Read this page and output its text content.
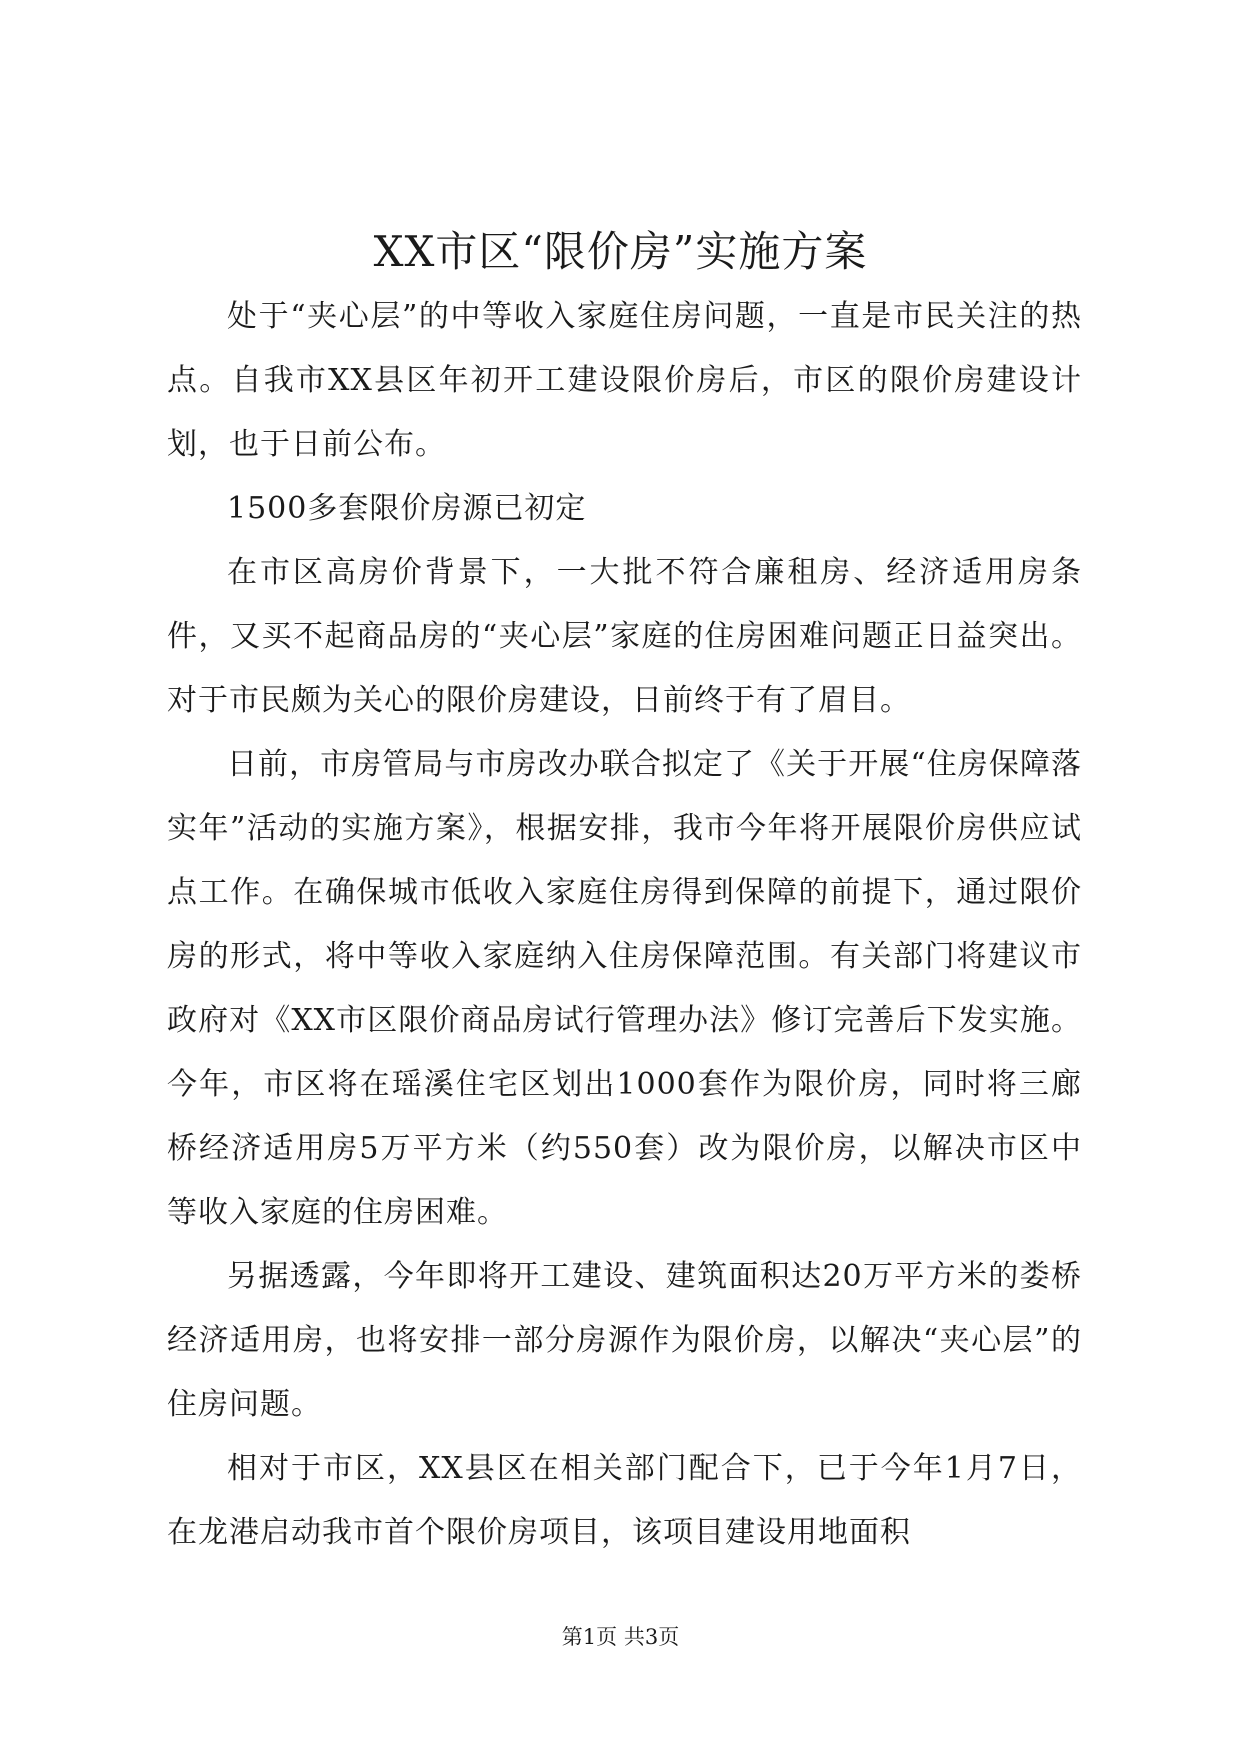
XX市区“限价房”实施方案

处于“夹心层”的中等收入家庭住房问题，一直是市民关注的热点。自我市XX县区年初开工建设限价房后，市区的限价房建设计划，也于日前公布。

1500多套限价房源已初定

在市区高房价背景下，一大批不符合廉租房、经济适用房条件，又买不起商品房的“夹心层”家庭的住房困难问题正日益突出。对于市民颇为关心的限价房建设，日前终于有了眉目。

日前，市房管局与市房改办联合拟定了《关于开展“住房保障落实年”活动的实施方案》，根据安排，我市今年将开展限价房供应试点工作。在确保城市低收入家庭住房得到保障的前提下，通过限价房的形式，将中等收入家庭纳入住房保障范围。有关部门将建议市政府对《XX市区限价商品房试行管理办法》修订完善后下发实施。今年，市区将在瑶溪住宅区划出1000套作为限价房，同时将三廊桥经济适用房5万平方米（约550套）改为限价房，以解决市区中等收入家庭的住房困难。

另据透露，今年即将开工建设、建筑面积达20万平方米的娄桥经济适用房，也将安排一部分房源作为限价房，以解决“夹心层”的住房问题。

相对于市区，XX县区在相关部门配合下，已于今年1月7日，在龙港启动我市首个限价房项目，该项目建设用地面积

第1页 共3页
